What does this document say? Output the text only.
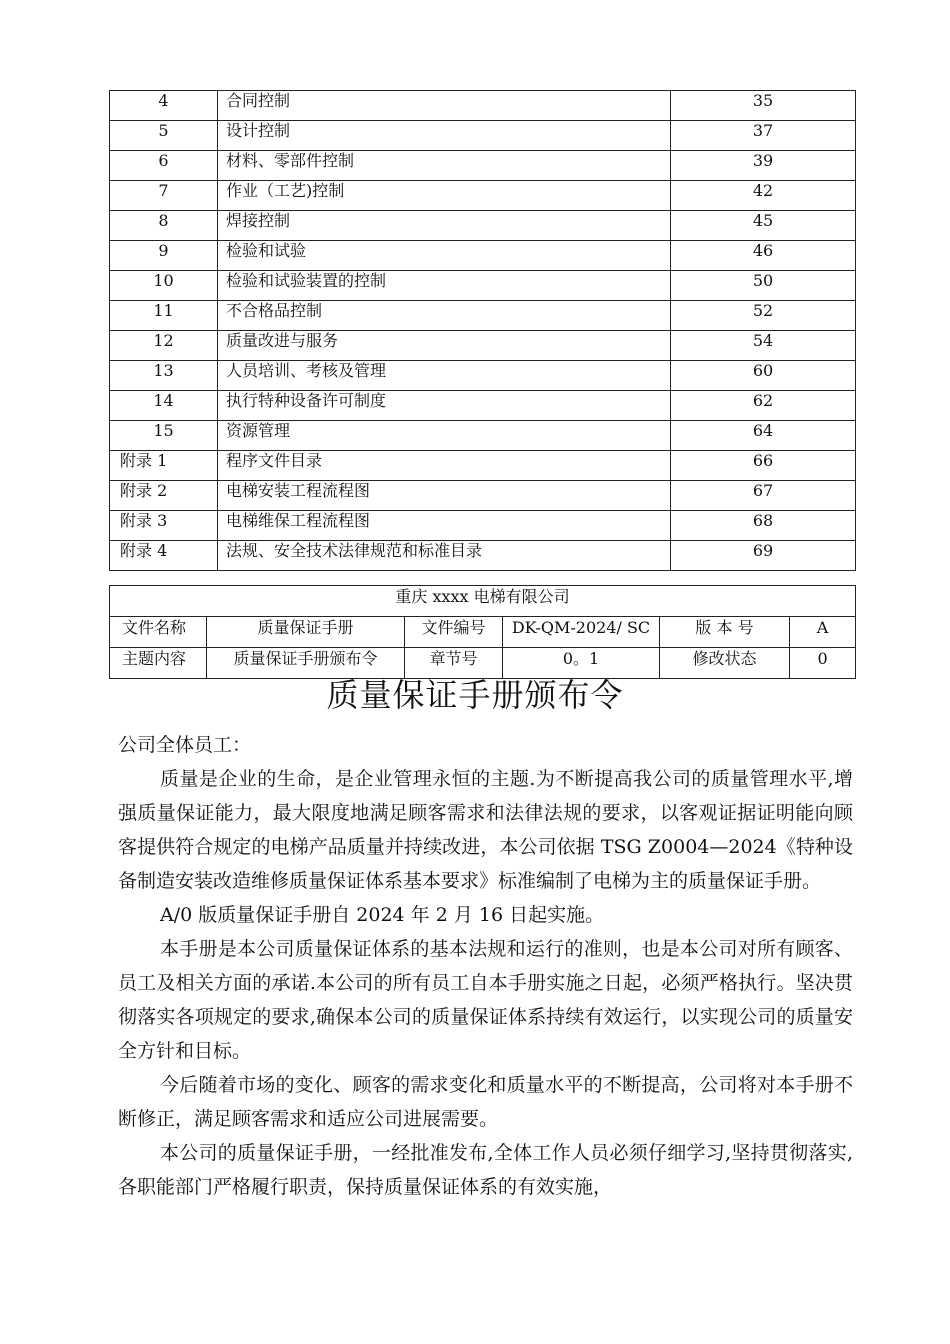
4	合同控制	35
5	设计控制	37
6	材料、零部件控制	39
7	作业（工艺)控制	42
8	焊接控制	45
9	检验和试验	46
10	检验和试验装置的控制	50
11	不合格品控制	52
12	质量改进与服务	54
13	人员培训、考核及管理	60
14	执行特种设备许可制度	62
15	资源管理	64
附录 1	程序文件目录	66
附录 2	电梯安装工程流程图	67
附录 3	电梯维保工程流程图	68
附录 4	法规、安全技术法律规范和标准目录	69
重庆 xxxx 电梯有限公司					
文件名称	质量保证手册	文件编号	DK-QM-2024/ SC	版 本 号	A
主题内容	质量保证手册颁布令	章节号	0。1	修改状态	0
质量保证手册颁布令

公司全体员工：

质量是企业的生命，是企业管理永恒的主题.为不断提高我公司的质量管理水平,增强质量保证能力，最大限度地满足顾客需求和法律法规的要求，以客观证据证明能向顾客提供符合规定的电梯产品质量并持续改进，本公司依据 TSG Z0004—2024《特种设备制造安装改造维修质量保证体系基本要求》标准编制了电梯为主的质量保证手册。

A/0 版质量保证手册自 2024 年 2 月 16 日起实施。

本手册是本公司质量保证体系的基本法规和运行的准则，也是本公司对所有顾客、员工及相关方面的承诺.本公司的所有员工自本手册实施之日起，必须严格执行。坚决贯彻落实各项规定的要求,确保本公司的质量保证体系持续有效运行，以实现公司的质量安全方针和目标。

今后随着市场的变化、顾客的需求变化和质量水平的不断提高，公司将对本手册不断修正，满足顾客需求和适应公司进展需要。

本公司的质量保证手册，一经批准发布,全体工作人员必须仔细学习,坚持贯彻落实,各职能部门严格履行职责，保持质量保证体系的有效实施，
